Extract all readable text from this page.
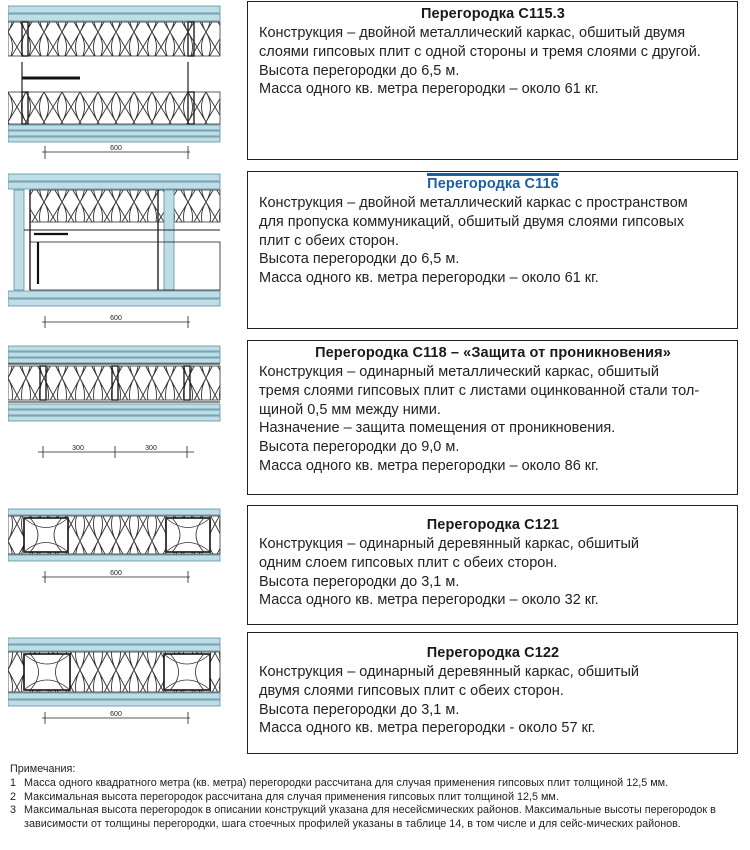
600
Перегородка С115.3
Конструкция – двойной металлический каркас, обшитый двумя
слоями гипсовых плит с одной стороны и тремя слоями с другой.
Высота перегородки до 6,5 м.
Масса одного кв. метра перегородки – около 61 кг.
600
Перегородка С116
Конструкция – двойной металлический каркас с пространством
для пропуска коммуникаций, обшитый двумя слоями гипсовых
плит с обеих сторон.
Высота перегородки до 6,5 м.
Масса одного кв. метра перегородки – около 61 кг.
300	300
Перегородка С118 – «Защита от проникновения»
Конструкция – одинарный металлический каркас, обшитый
тремя слоями гипсовых плит с листами оцинкованной стали тол-
щиной 0,5 мм между ними.
Назначение – защита помещения от проникновения.
Высота перегородки до 9,0 м.
Масса одного кв. метра перегородки – около 86 кг.
600
Перегородка С121
Конструкция – одинарный деревянный каркас, обшитый
одним слоем гипсовых плит с обеих сторон.
Высота перегородки до 3,1 м.
Масса одного кв. метра перегородки – около 32 кг.
600
Перегородка С122
Конструкция – одинарный деревянный каркас, обшитый
двумя слоями гипсовых плит с обеих сторон.
Высота перегородки до 3,1 м.
Масса одного кв. метра перегородки - около 57 кг.
Примечания:
1 Масса одного квадратного метра (кв. метра) перегородки рассчитана для случая применения гипсовых плит толщиной 12,5 мм.
2 Максимальная высота перегородок рассчитана для случая применения гипсовых плит толщиной 12,5 мм.
3 Максимальная высота перегородок в описании конструкций указана для несейсмических районов. Максимальные высоты перегородок в зависимости от толщины перегородки, шага стоечных профилей указаны в таблице 14, в том числе и для сейс-мических районов.
